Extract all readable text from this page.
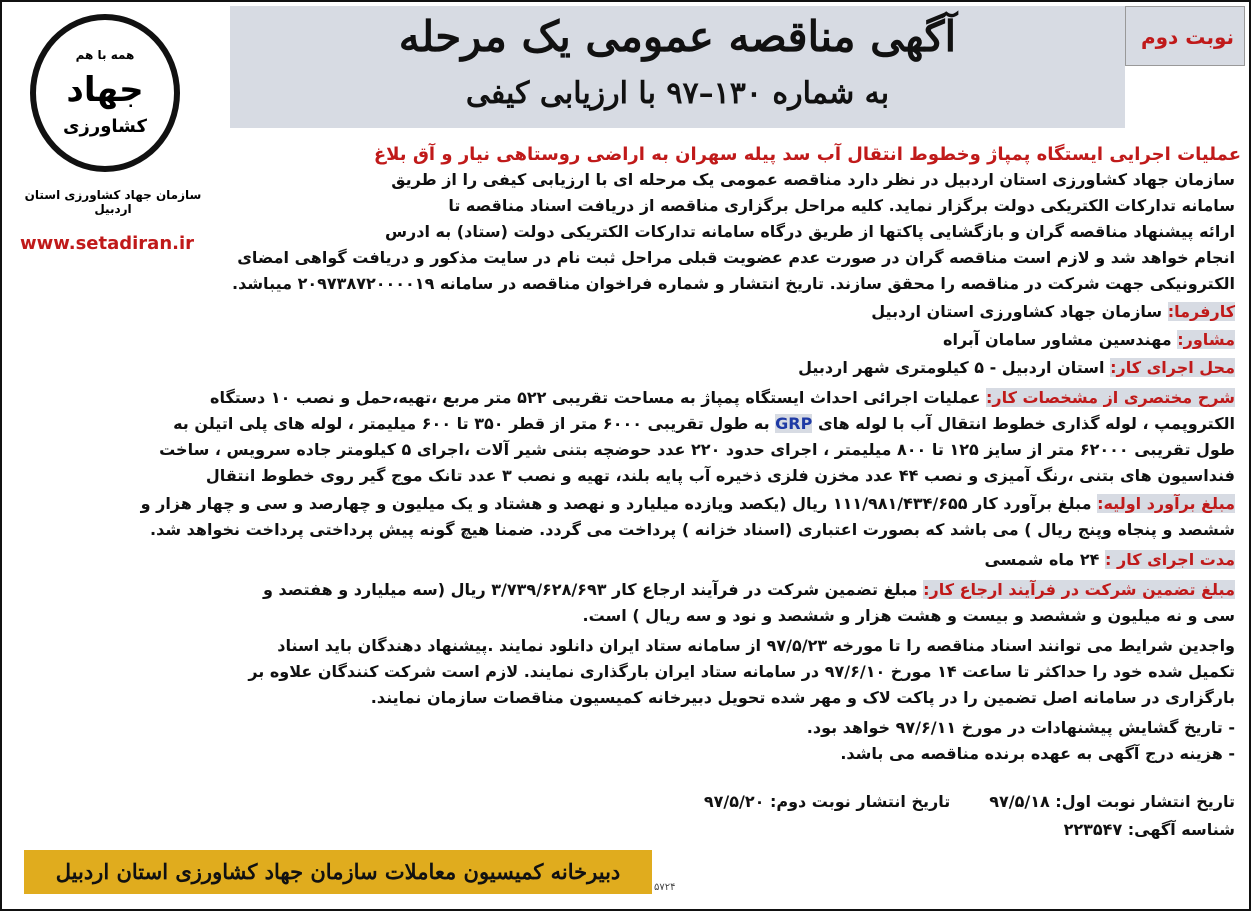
نوبت دوم
آگهی مناقصه عمومی یک مرحله
به شماره ۱۳۰–۹۷ با ارزیابی کیفی
همه با هم
جهاد
کشاورزی
سازمان جهاد کشاورزی استان اردبیل
www.setadiran.ir
عملیات اجرایی ایستگاه پمپاژ وخطوط انتقال آب سد پیله سهران به اراضی روستاهی نیار و آق بلاغ
سازمان جهاد کشاورزی استان اردبیل در نظر دارد مناقصه عمومی یک مرحله ای با ارزیابی کیفی را از طریق
سامانه تدارکات الکتریکی دولت برگزار نماید. کلیه مراحل برگزاری مناقصه از دریافت اسناد مناقصه تا
ارائه پیشنهاد مناقصه گران و بازگشایی پاکتها از طریق درگاه سامانه تدارکات الکتریکی دولت (ستاد) به ادرس
انجام خواهد شد و لازم است مناقصه گران در صورت عدم عضویت قبلی مراحل ثبت نام در سایت مذکور و دریافت گواهی امضای
الکترونیکی جهت شرکت در مناقصه را محقق سازند. تاریخ انتشار و شماره فراخوان مناقصه در سامانه ۲۰۹۷۳۸۷۲۰۰۰۰۱۹ میباشد.
کارفرما: سازمان جهاد کشاورزی استان اردبیل
مشاور: مهندسین مشاور سامان آبراه
محل اجرای کار: استان اردبیل - ۵ کیلومتری شهر اردبیل
شرح مختصری از مشخصات کار: عملیات اجرائی احداث ایستگاه پمپاژ به مساحت تقریبی ۵۲۲ متر مربع ،تهیه،حمل و نصب ۱۰ دستگاه
الکتروپمپ ، لوله گذاری خطوط انتقال آب با لوله های GRP به طول تقریبی ۶۰۰۰ متر از قطر ۳۵۰ تا ۶۰۰ میلیمتر ، لوله های پلی اتیلن به
طول تقریبی ۶۲۰۰۰ متر از سایز ۱۲۵ تا ۸۰۰ میلیمتر ، اجرای حدود ۲۲۰ عدد حوضچه بتنی شیر آلات ،اجرای ۵ کیلومتر جاده سرویس ، ساخت
فنداسیون های بتنی ،رنگ آمیزی و نصب ۴۴ عدد مخزن فلزی ذخیره آب پایه بلند، تهیه و نصب ۳ عدد تانک موج گیر روی خطوط انتقال
مبلغ برآورد اولیه: مبلغ برآورد کار ۱۱۱/۹۸۱/۴۳۴/۶۵۵ ریال (یکصد ویازده میلیارد و نهصد و هشتاد و یک میلیون و چهارصد و سی و چهار هزار و
ششصد و پنجاه وپنج ریال ) می باشد که بصورت اعتباری (اسناد خزانه ) پرداخت می گردد. ضمنا هیچ گونه پیش پرداختی پرداخت نخواهد شد.
مدت اجرای کار : ۲۴ ماه شمسی
مبلغ تضمین شرکت در فرآیند ارجاع کار: مبلغ تضمین شرکت در فرآیند ارجاع کار ۳/۷۳۹/۶۲۸/۶۹۳ ریال (سه میلیارد و هفتصد و
سی و نه میلیون و ششصد و بیست و هشت هزار و ششصد و نود و سه ریال ) است.
واجدین شرایط می توانند اسناد مناقصه را تا مورخه ۹۷/۵/۲۳ از سامانه ستاد ایران دانلود نمایند .پیشنهاد دهندگان باید اسناد
تکمیل شده خود را حداکثر تا ساعت ۱۴ مورخ ۹۷/۶/۱۰ در سامانه ستاد ایران بارگذاری نمایند. لازم است شرکت کنندگان علاوه بر
بارگزاری در سامانه اصل تضمین را در پاکت لاک و مهر شده تحویل دبیرخانه کمیسیون مناقصات سازمان نمایند.
- تاریخ گشایش پیشنهادات در مورخ ۹۷/۶/۱۱ خواهد بود.
- هزینه درج آگهی به عهده برنده مناقصه می باشد.
تاریخ انتشار نوبت اول: ۹۷/۵/۱۸       تاریخ انتشار نوبت دوم: ۹۷/۵/۲۰
شناسه آگهی: ۲۲۳۵۴۷
دبیرخانه کمیسیون معاملات سازمان جهاد کشاورزی استان اردبیل
۵۷۲۴
